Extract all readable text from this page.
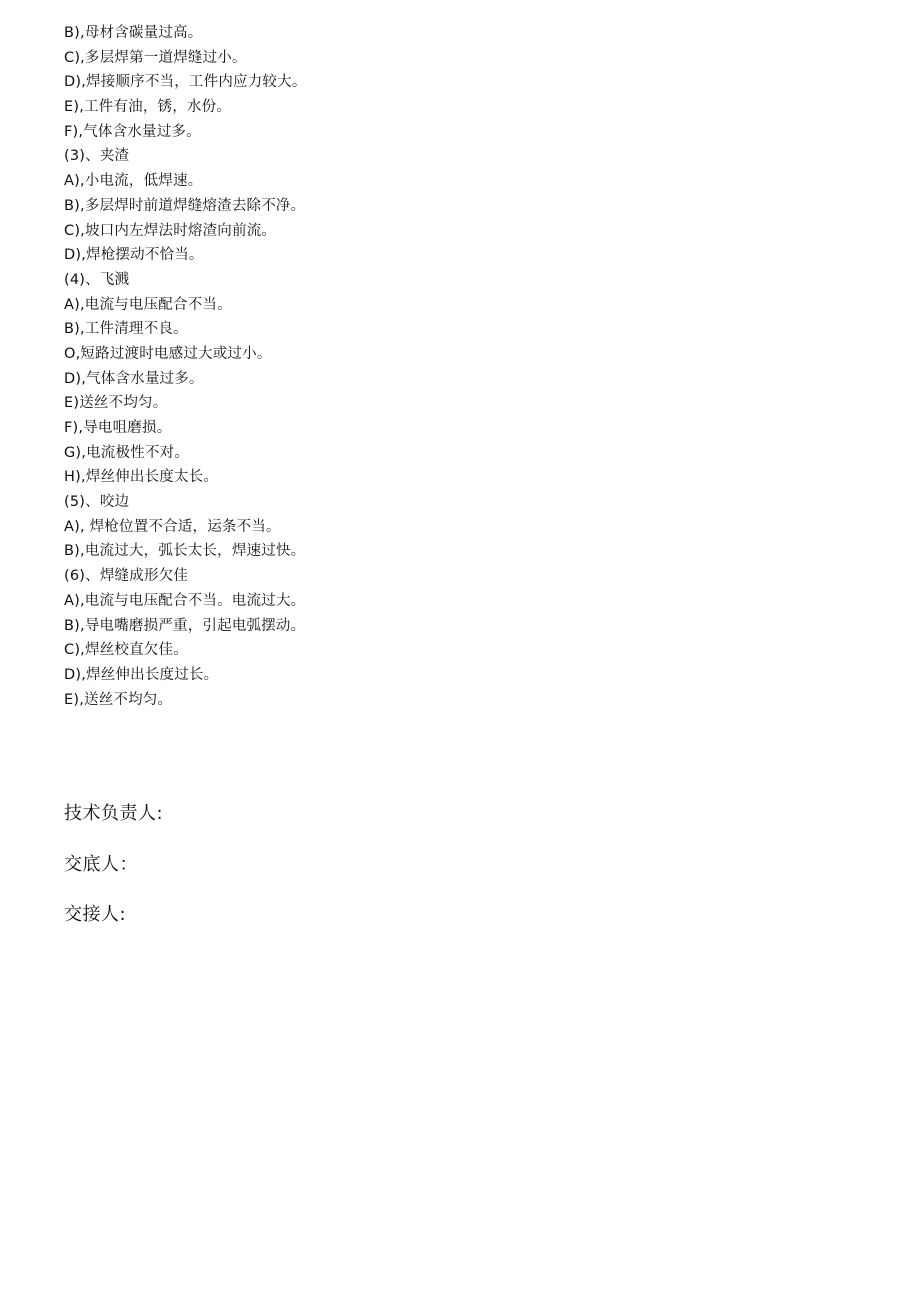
B),母材含碳量过高。
C),多层焊第一道焊缝过小。
D),焊接顺序不当，工件内应力较大。
E),工件有油，锈，水份。
F),气体含水量过多。
(3)、夹渣
A),小电流，低焊速。
B),多层焊时前道焊缝熔渣去除不净。
C),坡口内左焊法时熔渣向前流。
D),焊枪摆动不恰当。
(4)、飞溅
A),电流与电压配合不当。
B),工件清理不良。
O,短路过渡时电感过大或过小。
D),气体含水量过多。
E)送丝不均匀。
F),导电咀磨损。
G),电流极性不对。
H),焊丝伸出长度太长。
(5)、咬边
A), 焊枪位置不合适，运条不当。
B),电流过大，弧长太长，焊速过快。
(6)、焊缝成形欠佳
A),电流与电压配合不当。电流过大。
B),导电嘴磨损严重，引起电弧摆动。
C),焊丝校直欠佳。
D),焊丝伸出长度过长。
E),送丝不均匀。
技术负责人:
交底人：
交接人:
